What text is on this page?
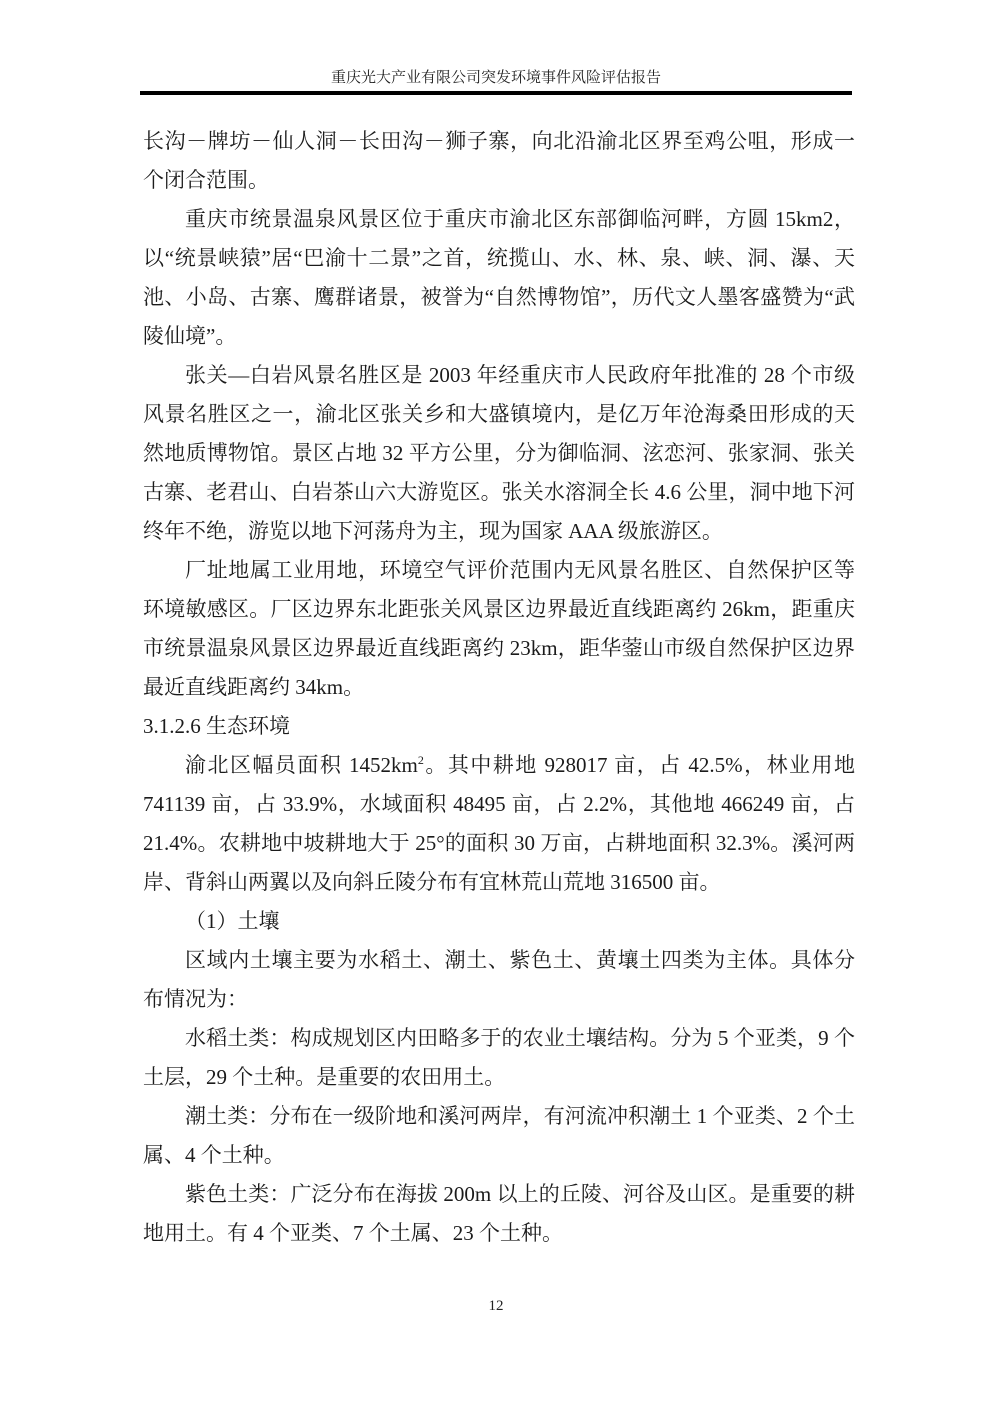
重庆光大产业有限公司突发环境事件风险评估报告

长沟－牌坊－仙人洞－长田沟－狮子寨，向北沿渝北区界至鸡公咀，形成一个闭合范围。

重庆市统景温泉风景区位于重庆市渝北区东部御临河畔，方圆 15km2，以“统景峡猿”居“巴渝十二景”之首，统揽山、水、林、泉、峡、洞、瀑、天池、小岛、古寨、鹰群诸景，被誉为“自然博物馆”，历代文人墨客盛赞为“武陵仙境”。

张关—白岩风景名胜区是 2003 年经重庆市人民政府年批准的 28 个市级风景名胜区之一，渝北区张关乡和大盛镇境内，是亿万年沧海桑田形成的天然地质博物馆。景区占地 32 平方公里，分为御临洞、泫恋河、张家洞、张关古寨、老君山、白岩茶山六大游览区。张关水溶洞全长 4.6 公里，洞中地下河终年不绝，游览以地下河荡舟为主，现为国家 AAA 级旅游区。

厂址地属工业用地，环境空气评价范围内无风景名胜区、自然保护区等环境敏感区。厂区边界东北距张关风景区边界最近直线距离约 26km，距重庆市统景温泉风景区边界最近直线距离约 23km，距华蓥山市级自然保护区边界最近直线距离约 34km。

3.1.2.6 生态环境

渝北区幅员面积 $1452km^2$。其中耕地 928017 亩，占 42.5%，林业用地 741139 亩，占 33.9%，水域面积 48495 亩，占 2.2%，其他地 466249 亩，占 21.4%。农耕地中坡耕地大于 25°的面积 30 万亩，占耕地面积 32.3%。溪河两岸、背斜山两翼以及向斜丘陵分布有宜林荒山荒地 316500 亩。

（1）土壤

区域内土壤主要为水稻土、潮土、紫色土、黄壤土四类为主体。具体分布情况为：

水稻土类：构成规划区内田略多于的农业土壤结构。分为 5 个亚类，9 个土层，29 个土种。是重要的农田用土。

潮土类：分布在一级阶地和溪河两岸，有河流冲积潮土 1 个亚类、2 个土属、4 个土种。

紫色土类：广泛分布在海拔 200m 以上的丘陵、河谷及山区。是重要的耕地用土。有 4 个亚类、7 个土属、23 个土种。

12
